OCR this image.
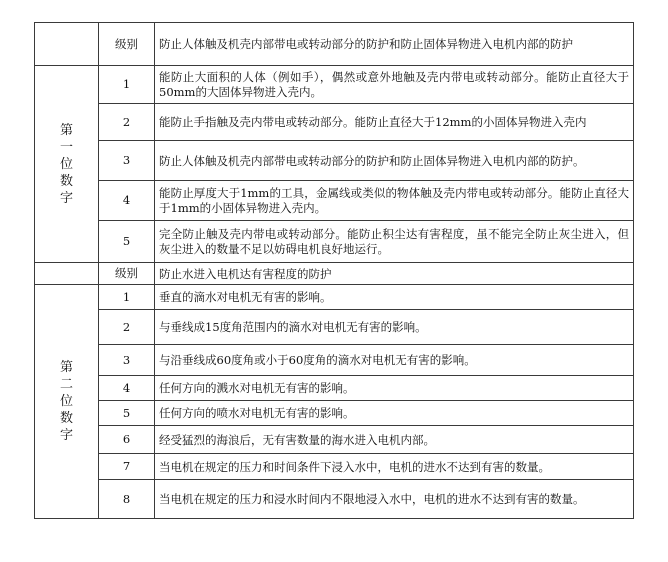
	级别	防止人体触及机壳内部带电或转动部分的防护和防止固体异物进入电机内部的防护
第一位数字	1	能防止大面积的人体（例如手），偶然或意外地触及壳内带电或转动部分。能防止直径大于50mm的大固体异物进入壳内。
	2	能防止手指触及壳内带电或转动部分。能防止直径大于12mm的小固体异物进入壳内
	3	防止人体触及机壳内部带电或转动部分的防护和防止固体异物进入电机内部的防护。
	4	能防止厚度大于1mm的工具，金属线或类似的物体触及壳内带电或转动部分。能防止直径大于1mm的小固体异物进入壳内。
	5	完全防止触及壳内带电或转动部分。能防止积尘达有害程度，虽不能完全防止灰尘进入，但灰尘进入的数量不足以妨碍电机良好地运行。
	级别	防止水进入电机达有害程度的防护
第二位数字	1	垂直的滴水对电机无有害的影响。
	2	与垂线成15度角范围内的滴水对电机无有害的影响。
	3	与沿垂线成60度角或小于60度角的滴水对电机无有害的影响。
	4	任何方向的溅水对电机无有害的影响。
	5	任何方向的喷水对电机无有害的影响。
	6	经受猛烈的海浪后，无有害数量的海水进入电机内部。
	7	当电机在规定的压力和时间条件下浸入水中，电机的进水不达到有害的数量。

	8	当电机在规定的压力和浸水时间内不限地浸入水中，电机的进水不达到有害的数量。
